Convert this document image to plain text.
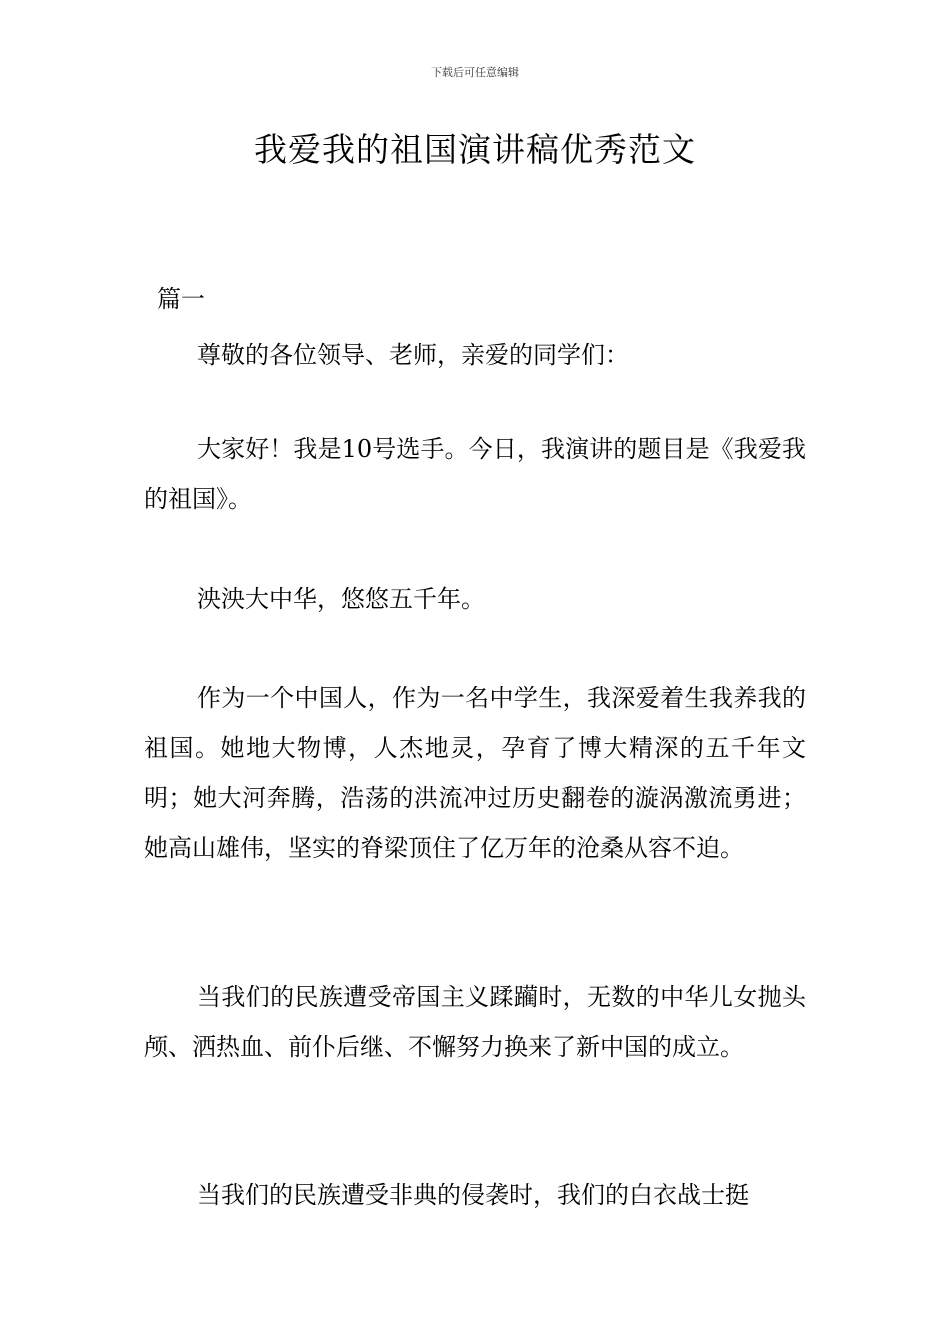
下载后可任意编辑
我爱我的祖国演讲稿优秀范文

篇一

尊敬的各位领导、老师，亲爱的同学们：

大家好！我是10号选手。今日，我演讲的题目是《我爱我的祖国》。

泱泱大中华，悠悠五千年。

作为一个中国人，作为一名中学生，我深爱着生我养我的祖国。她地大物博，人杰地灵，孕育了博大精深的五千年文明；她大河奔腾，浩荡的洪流冲过历史翻卷的漩涡激流勇进；她高山雄伟，坚实的脊梁顶住了亿万年的沧桑从容不迫。

当我们的民族遭受帝国主义蹂躏时，无数的中华儿女抛头颅、洒热血、前仆后继、不懈努力换来了新中国的成立。

当我们的民族遭受非典的侵袭时，我们的白衣战士挺
